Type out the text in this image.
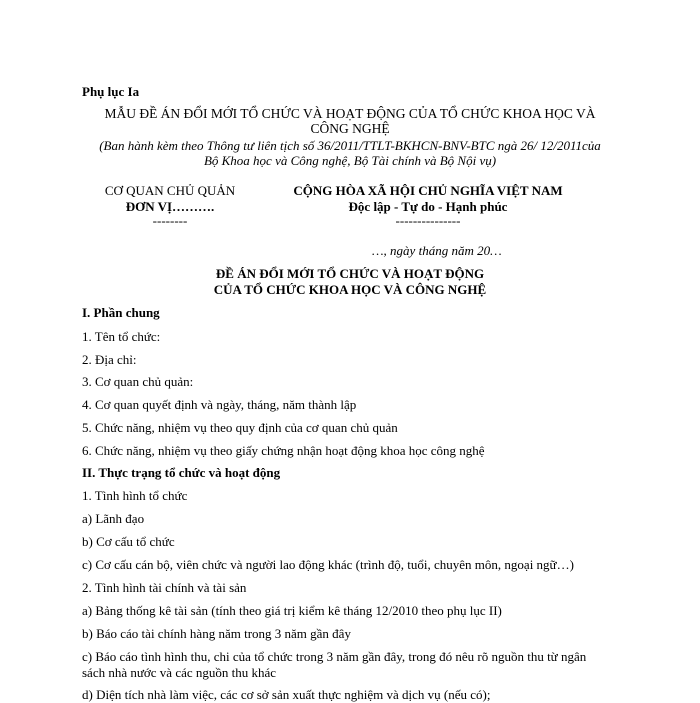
Phụ lục Ia
MẪU ĐỀ ÁN ĐỔI MỚI TỔ CHỨC VÀ HOẠT ĐỘNG CỦA TỔ CHỨC KHOA HỌC VÀ
CÔNG NGHỆ
(Ban hành kèm theo Thông tư liên tịch số 36/2011/TTLT-BKHCN-BNV-BTC ngà 26/ 12/2011của
Bộ Khoa học và Công nghệ, Bộ Tài chính và Bộ Nội vụ)
CƠ QUAN CHỦ QUẢN
ĐƠN VỊ……….
--------
CỘNG HÒA XÃ HỘI CHỦ NGHĨA VIỆT NAM
Độc lập - Tự do - Hạnh phúc
---------------
…, ngày tháng năm 20…
ĐỀ ÁN ĐỔI MỚI TỔ CHỨC VÀ HOẠT ĐỘNG
CỦA TỔ CHỨC KHOA HỌC VÀ CÔNG NGHỆ
I. Phần chung
1. Tên tổ chức:
2. Địa chỉ:
3. Cơ quan chủ quản:
4. Cơ quan quyết định và ngày, tháng, năm thành lập
5. Chức năng, nhiệm vụ theo quy định của cơ quan chủ quản
6. Chức năng, nhiệm vụ theo giấy chứng nhận hoạt động khoa học công nghệ
II. Thực trạng tổ chức và hoạt động
1. Tình hình tổ chức
a) Lãnh đạo
b) Cơ cấu tổ chức
c) Cơ cấu cán bộ, viên chức và người lao động khác (trình độ, tuổi, chuyên môn, ngoại ngữ…)
2. Tình hình tài chính và tài sản
a) Bảng thống kê tài sản (tính theo giá trị kiểm kê tháng 12/2010 theo phụ lục II)
b) Báo cáo tài chính hàng năm trong 3 năm gần đây
c) Báo cáo tình hình thu, chi của tổ chức trong 3 năm gần đây, trong đó nêu rõ nguồn thu từ ngân
sách nhà nước và các nguồn thu khác
d) Diện tích nhà làm việc, các cơ sở sản xuất thực nghiệm và dịch vụ (nếu có);
